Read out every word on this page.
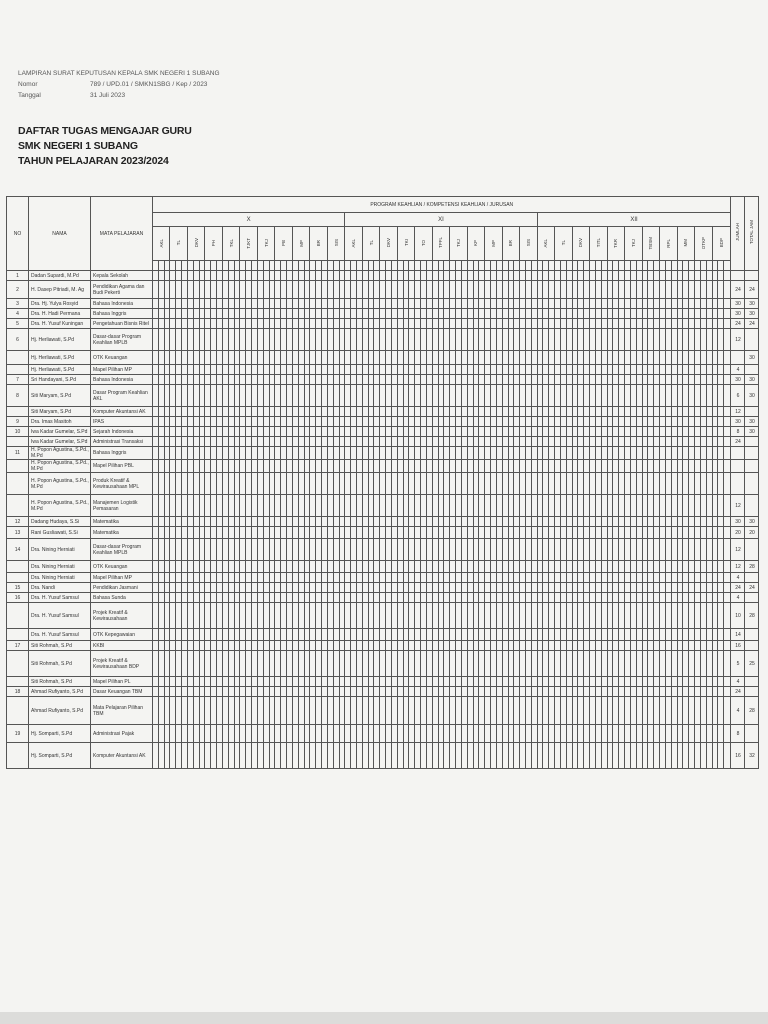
LAMPIRAN SURAT KEPUTUSAN KEPALA SMK NEGERI 1 SUBANG
Nomor	789 / UPD.01 / SMKN1SBG / Kep / 2023
Tanggal	31 Juli 2023
DAFTAR TUGAS MENGAJAR GURU
SMK NEGERI 1 SUBANG
TAHUN PELAJARAN 2023/2024
NO	NAMA	MATA PELAJARAN	PROGRAM KEAHLIAN / KOMPETENSI KEAHLIAN / JURUSAN	JUMLAH	TOTAL JAM
X	XI	XII
AKL	TL	DKV	PH	TKL	TJKT	TKJ	PB	MP	BR	SIS	AKL	TL	DKV	TKI	TO	TPFL	TKJ	KP	MP	BR	SIS	AKL	TL	DKV	TITL	TKR	TKJ	TBSM	RPL	MM	OTKP	BDP

1	Dadan Supardi, M.Pd	Kepala Sekolah																																																																																																					
2	H. Dasep Pitriadi, M. Ag	Pendidikan Agama dan Budi Pekerti																																																																																																				24	24
3	Dra. Hj. Yulya Rosyid	Bahasa Indonesia																																																																																																				30	30
4	Dra. H. Hadi Permana	Bahasa Inggris																																																																																																				30	30
5	Dra. H. Yusuf Kuningan	Pengetahuan Bisnis Ritel																																																																																																				24	24
6	Hj. Herliawati, S.Pd	Dasar-dasar Program Keahlian MPLB																																																																																																				12	
	Hj. Herliawati, S.Pd	OTK Keuangan																																																																																																					30
	Hj. Herliawati, S.Pd	Mapel Pilihan MP																																																																																																				4	
7	Sri Handayani, S.Pd	Bahasa Indonesia																																																																																																				30	30
8	Siti Maryam, S.Pd	Dasar Program Keahlian AKL																																																																																																				6	30
	Siti Maryam, S.Pd	Komputer Akuntansi AK																																																																																																				12	
9	Dra. Imas Masitoh	IPAS																																																																																																				30	30
10	Iwa Kadar Gumelar, S.Pd	Sejarah Indonesia																																																																																																				8	30
	Iwa Kadar Gumelar, S.Pd	Administrasi Transaksi																																																																																																				24	
11	H. Popon Agustina, S.Pd., M.Pd	Bahasa Inggris																																																																																																					
	H. Popon Agustina, S.Pd., M.Pd	Mapel Pilihan PBL																																																																																																					
	H. Popon Agustina, S.Pd., M.Pd	Produk Kreatif & Kewirausahaan MPL																																																																																																					
	H. Popon Agustina, S.Pd., M.Pd	Manajemen Logistik Pemasaran																																																																																																				12	
12	Dadang Hudaya, S.Si	Matematika																																																																																																				30	30
13	Rani Gusliawati, S.Si	Matematika																																																																																																				20	20
14	Dra. Nining Herniati	Dasar-dasar Program Keahlian MPLB																																																																																																				12	
	Dra. Nining Herniati	OTK Keuangan																																																																																																				12	28
	Dra. Nining Herniati	Mapel Pilihan MP																																																																																																				4	
15	Dra. Nandi	Pendidikan Jasmani																																																																																																				24	24
16	Dra. H. Yusuf Samsul	Bahasa Sunda																																																																																																				4	
	Dra. H. Yusuf Samsul	Projek Kreatif & Kewirausahaan																																																																																																				10	28
	Dra. H. Yusuf Samsul	OTK Kepegawaian																																																																																																				14	
17	Siti Rohmah, S.Pd	KKBI																																																																																																				16	
	Siti Rohmah, S.Pd	Projek Kreatif & Kewirausahaan BDP																																																																																																				5	25
	Siti Rohmah, S.Pd	Mapel Pilihan PL																																																																																																				4	
18	Ahmad Rufiyanto, S.Pd	Dasar Keuangan TBM																																																																																																				24	
	Ahmad Rufiyanto, S.Pd	Mata Pelajaran Pilihan TBM																																																																																																				4	28
19	Hj. Somparti, S.Pd	Administrasi Pajak																																																																																																				8	
	Hj. Somparti, S.Pd	Komputer Akuntansi AK																																																																																																				16	32
